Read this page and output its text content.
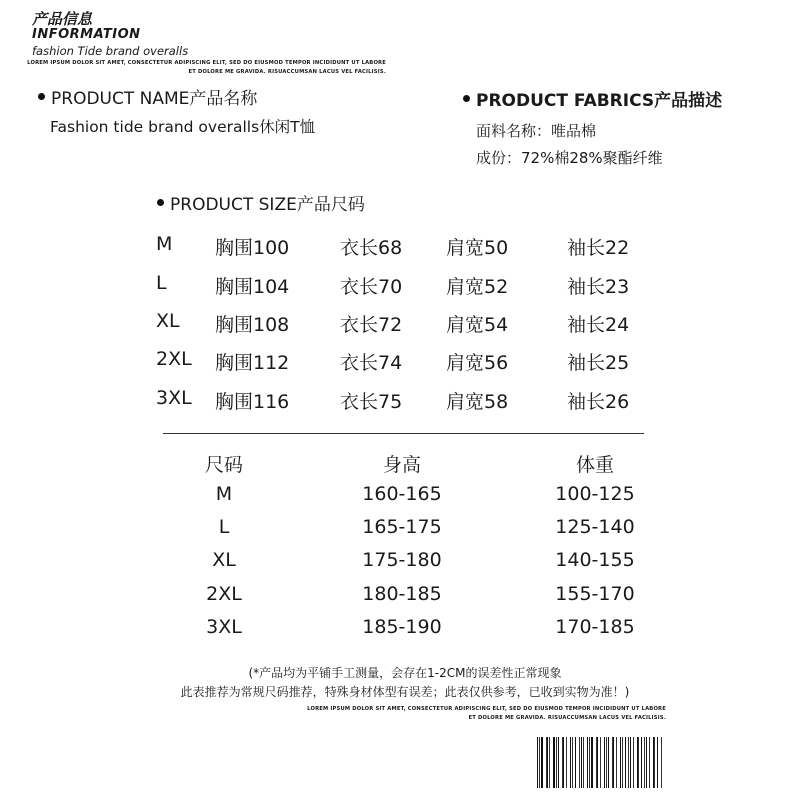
产品信息
INFORMATION
fashion Tide brand overalls
LOREM IPSUM DOLOR SIT AMET, CONSECTETUR ADIPISCING ELIT, SED DO EIUSMOD TEMPOR INCIDIDUNT UT LABORE
ET DOLORE ME GRAVIDA. RISUACCUMSAN LACUS VEL FACILISIS.
PRODUCT NAME产品名称
Fashion tide brand overalls休闲T恤
PRODUCT FABRICS产品描述
面料名称：唯品棉
成份：72%棉28%聚酯纤维
PRODUCT SIZE产品尺码
M 胸围100	衣长68 肩宽50	袖长22
L	胸围104	衣长70 肩宽52	袖长23
XL 胸围108	衣长72 肩宽54	袖长24
2XL 胸围112	衣长74 肩宽56	袖长25
3XL 胸围116	衣长75 肩宽58	袖长26
尺码	身高	体重
M	160-165	100-125
L	165-175	125-140
XL	175-180	140-155
2XL	180-185	155-170
3XL	185-190	170-185
(*产品均为平铺手工测量，会存在1-2CM的误差性正常现象
此表推荐为常规尺码推荐，特殊身材体型有误差；此表仅供参考，已收到实物为准！)
LOREM IPSUM DOLOR SIT AMET, CONSECTETUR ADIPISCING ELIT, SED DO EIUSMOD TEMPOR INCIDIDUNT UT LABORE
ET DOLORE ME GRAVIDA. RISUACCUMSAN LACUS VEL FACILISIS.
